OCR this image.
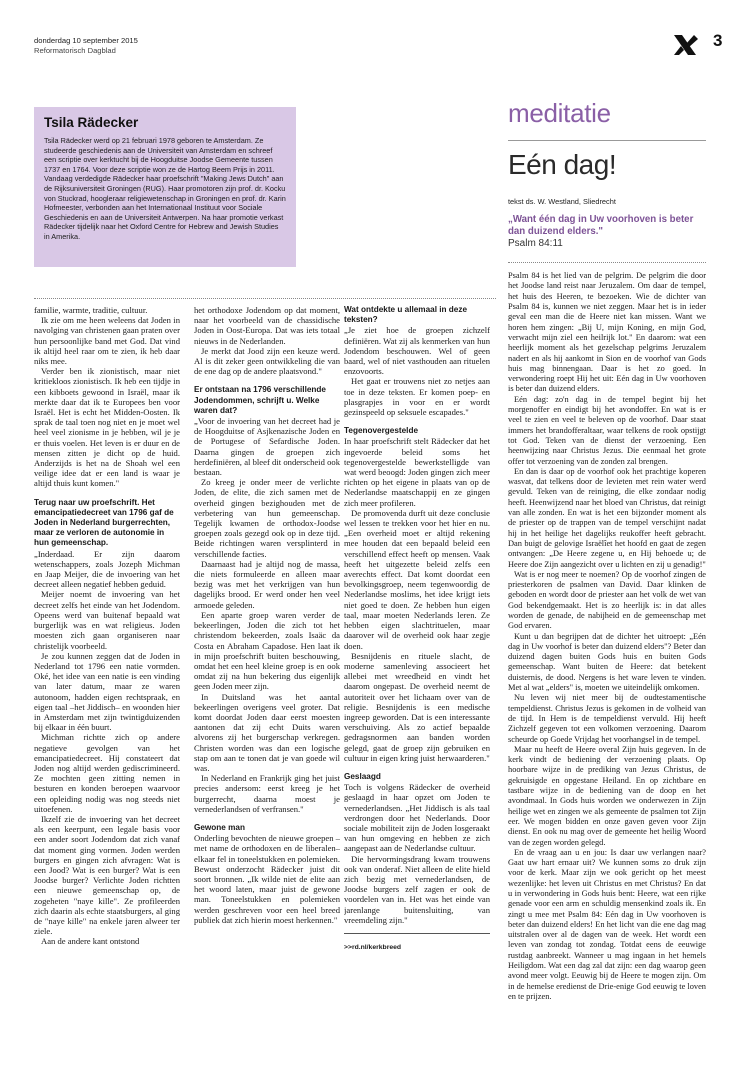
donderdag 10 september 2015
Reformatorisch Dagblad
3
Tsila Rädecker

Tsila Rädecker werd op 21 februari 1978 geboren te Amsterdam. Ze studeerde geschiedenis aan de Universiteit van Amsterdam en schreef een scriptie over kerktucht bij de Hoogduitse Joodse Gemeente tussen 1737 en 1764. Voor deze scriptie won ze de Hartog Beem Prijs in 2011. Vandaag verdedigde Rädecker haar proefschrift "Making Jews Dutch" aan de Rijksuniversiteit Groningen (RUG). Haar promotoren zijn prof. dr. Kocku von Stuckrad, hoogleraar religiewetenschap in Groningen en prof. dr. Karin Hofmeester, verbonden aan het Internationaal Instituut voor Sociale Geschiedenis en aan de Universiteit Antwerpen. Na haar promotie verkast Rädecker tijdelijk naar het Oxford Centre for Hebrew and Jewish Studies in Amerika.

familie, warmte, traditie, cultuur.

Ik zie om me heen weleens dat Joden in navolging van christenen gaan praten over hun persoonlijke band met God. Dat vind ik altijd heel raar om te zien, ik heb daar niks mee.

Verder ben ik zionistisch, maar niet kritiekloos zionistisch. Ik heb een tijdje in een kibboets gewoond in Israël, maar ik merkte daar dat ik te Europees ben voor Israël. Het is echt het Midden-Oosten. Ik sprak de taal toen nog niet en je moet wel heel veel zionisme in je hebben, wil je je er thuis voelen. Het leven is er duur en de mensen zitten je dicht op de huid. Anderzijds is het na de Shoah wel een veilige idee dat er een land is waar je altijd thuis kunt komen."

Terug naar uw proefschrift. Het emancipatiedecreet van 1796 gaf de Joden in Nederland burgerrechten, maar ze verloren de autonomie in hun gemeenschap.

„Inderdaad. Er zijn daarom wetenschappers, zoals Jozeph Michman en Jaap Meijer, die de invoering van het decreet alleen negatief hebben geduid.

Meijer noemt de invoering van het decreet zelfs het einde van het Jodendom. Opeens werd van buitenaf bepaald wat burgerlijk was en wat religieus. Joden moesten zich gaan organiseren naar christelijk voorbeeld.

Je zou kunnen zeggen dat de Joden in Nederland tot 1796 een natie vormden. Oké, het idee van een natie is een vinding van later datum, maar ze waren autonoom, hadden eigen rechtspraak, en eigen taal –het Jiddisch– en woonden hier in Amsterdam met zijn twintigduizenden bij elkaar in één buurt.

Michman richtte zich op andere negatieve gevolgen van het emancipatiedecreet. Hij constateert dat Joden nog altijd werden gediscrimineerd. Ze mochten geen zitting nemen in besturen en konden beroepen waarvoor een opleiding nodig was nog steeds niet uitoefenen.

Ikzelf zie de invoering van het decreet als een keerpunt, een legale basis voor een ander soort Jodendom dat zich vanaf dat moment ging vormen. Joden werden burgers en gingen zich afvragen: Wat is een Jood? Wat is een burger? Wat is een Joodse burger? Verlichte Joden richtten een nieuwe gemeenschap op, de zogeheten "naye kille". Ze profileerden zich daarin als echte staatsburgers, al ging de "naye kille" na enkele jaren alweer ter ziele.

Aan de andere kant ontstond

het orthodoxe Jodendom op dat moment, naar het voorbeeld van de chassidische Joden in Oost-Europa. Dat was iets totaal nieuws in de Nederlanden.

Je merkt dat Jood zijn een keuze werd. Al is dit zeker geen ontwikkeling die van de ene dag op de andere plaatsvond."

Er ontstaan na 1796 verschillende Jodendommen, schrijft u. Welke waren dat?

„Voor de invoering van het decreet had je de Hoogduitse of Asjkenazische Joden en de Portugese of Sefardische Joden. Daarna gingen de groepen zich herdefiniëren, al bleef dit onderscheid ook bestaan.

Zo kreeg je onder meer de verlichte Joden, de elite, die zich samen met de overheid gingen bezighouden met de verbetering van hun gemeenschap. Tegelijk kwamen de orthodox-Joodse groepen zoals gezegd ook op in deze tijd. Beide richtingen waren versplinterd in verschillende facties.

Daarnaast had je altijd nog de massa, die niets formuleerde en alleen maar bezig was met het verkrijgen van hun dagelijks brood. Er werd onder hen veel armoede geleden.

Een aparte groep waren verder de bekeerlingen, Joden die zich tot het christendom bekeerden, zoals Isaäc da Costa en Abraham Capadose. Hen laat ik in mijn proefschrift buiten beschouwing, omdat het een heel kleine groep is en ook omdat zij na hun bekering dus eigenlijk geen Joden meer zijn.

In Duitsland was het aantal bekeerlingen overigens veel groter. Dat komt doordat Joden daar eerst moesten aantonen dat zij echt Duits waren alvorens zij het burgerschap verkregen. Christen worden was dan een logische stap om aan te tonen dat je van goede wil was.

In Nederland en Frankrijk ging het juist precies andersom: eerst kreeg je het burgerrecht, daarna moest je vernederlandsen of verfransen."

Gewone man

Onderling bevochten de nieuwe groepen –met name de orthodoxen en de liberalen– elkaar fel in toneelstukken en polemieken. Bewust onderzocht Rädecker juist dit soort bronnen. „Ik wilde niet de elite aan het woord laten, maar juist de gewone man. Toneelstukken en polemieken werden geschreven voor een heel breed publiek dat zich hierin moest herkennen."

Wat ontdekte u allemaal in deze teksten?

„Je ziet hoe de groepen zichzelf definiëren. Wat zij als kenmerken van hun Jodendom beschouwen. Wel of geen baard, wel of niet vasthouden aan rituelen enzovoorts.

Het gaat er trouwens niet zo netjes aan toe in deze teksten. Er komen poep- en plasgrapjes in voor en er wordt gezinspeeld op seksuele escapades."

Tegenovergestelde

In haar proefschrift stelt Rädecker dat het ingevoerde beleid soms het tegenovergestelde bewerkstelligde van wat werd beoogd: Joden gingen zich meer richten op het eigene in plaats van op de Nederlandse maatschappij en ze gingen zich meer profileren.

De promovenda durft uit deze conclusie wel lessen te trekken voor het hier en nu. „Een overheid moet er altijd rekening mee houden dat een bepaald beleid een verschillend effect heeft op mensen. Vaak heeft het uitgezette beleid zelfs een averechts effect. Dat komt doordat een bevolkingsgroep, neem tegenwoordig de Nederlandse moslims, het idee krijgt iets niet goed te doen. Ze hebben hun eigen taal, maar moeten Nederlands leren. Ze hebben eigen slachtrituelen, maar daarover wil de overheid ook haar zegje doen.

Besnijdenis en rituele slacht, de moderne samenleving associeert het allebei met wreedheid en vindt het daarom ongepast. De overheid neemt de autoriteit over het lichaam over van de religie. Besnijdenis is een medische ingreep geworden. Dat is een interessante verschuiving. Als zo actief bepaalde gedragsnormen aan banden worden gelegd, gaat de groep zijn gebruiken en cultuur in eigen kring juist herwaarderen."

Geslaagd

Toch is volgens Rädecker de overheid geslaagd in haar opzet om Joden te vernederlandsen. „Het Jiddisch is als taal verdrongen door het Nederlands. Door sociale mobiliteit zijn de Joden losgeraakt van hun omgeving en hebben ze zich aangepast aan de Nederlandse cultuur.

Die hervormingsdrang kwam trouwens ook van onderaf. Niet alleen de elite hield zich bezig met vernederlandsen, de Joodse burgers zelf zagen er ook de voordelen van in. Het was het einde van jarenlange buitensluiting, van vreemdeling zijn."

>>rd.nl/kerkbreed
meditatie
Eén dag!
tekst ds. W. Westland, Sliedrecht
„Want één dag in Uw voorhoven is beter dan duizend elders."
Psalm 84:11

Psalm 84 is het lied van de pelgrim. De pelgrim die door het Joodse land reist naar Jeruzalem. Om daar de tempel, het huis des Heeren, te bezoeken. Wie de dichter van Psalm 84 is, kunnen we niet zeggen. Maar het is in ieder geval een man die de Heere niet kan missen. Want we horen hem zingen: „Bij U, mijn Koning, en mijn God, verwacht mijn ziel een heilrijk lot." En daarom: wat een heerlijk moment als het gezelschap pelgrims Jeruzalem nadert en als hij aankomt in Sion en de voorhof van Gods huis mag binnengaan. Daar is het zo goed. In verwondering roept Hij het uit: Eén dag in Uw voorhoven is beter dan duizend elders.

Eén dag: zo'n dag in de tempel begint bij het morgenoffer en eindigt bij het avondoffer. En wat is er veel te zien en veel te beleven op de voorhof. Daar staat immers het brandofferaltaar, waar telkens de rook opstijgt tot God. Teken van de dienst der verzoening. Een heenwijzing naar Christus Jezus. Die eenmaal het grote offer tot verzoening van de zonden zal brengen.

En dan is daar op de voorhof ook het prachtige koperen wasvat, dat telkens door de levieten met rein water werd gevuld. Teken van de reiniging, die elke zondaar nodig heeft. Heenwijzend naar het bloed van Christus, dat reinigt van alle zonden. En wat is het een bijzonder moment als de priester op de trappen van de tempel verschijnt nadat hij in het heilige het dagelijks reukoffer heeft gebracht. Dan buigt de gelovige Israëlîet het hoofd en gaat de zegen ontvangen: „De Heere zegene u, en Hij behoede u; de Heere doe Zijn aangezicht over u lichten en zij u genadig!"

Wat is er nog meer te noemen? Op de voorhof zingen de priesterkoren de psalmen van David. Daar klinken de geboden en wordt door de priester aan het volk de wet van God bekendgemaakt. Het is zo heerlijk is: in dat alles worden de genade, de nabijheid en de gemeenschap met God ervaren.

Kunt u dan begrijpen dat de dichter het uitroept: „Eén dag in Uw voorhof is beter dan duizend elders"? Beter dan duizend dagen buiten Gods huis en buiten Gods gemeenschap. Want buiten de Heere: dat betekent duisternis, de dood. Nergens is het ware leven te vinden. Met al wat „elders" is, moeten we uiteindelijk omkomen.

Nu leven wij niet meer bij de oudtestamentische tempeldienst. Christus Jezus is gekomen in de volheid van de tijd. In Hem is de tempeldienst vervuld. Hij heeft Zichzelf gegeven tot een volkomen verzoening. Daarom scheurde op Goede Vrijdag het voorhangsel in de tempel.

Maar nu heeft de Heere overal Zijn huis gegeven. In de kerk vindt de bediening der verzoening plaats. Op hoorbare wijze in de prediking van Jezus Christus, de gekruisigde en opgestane Heiland. En op zichtbare en tastbare wijze in de bediening van de doop en het avondmaal. In Gods huis worden we onderwezen in Zijn heilige wet en zingen we als gemeente de psalmen tot Zijn eer. We mogen bidden en onze gaven geven voor Zijn dienst. En ook nu mag over de gemeente het heilig Woord van de zegen worden gelegd.

En de vraag aan u en jou: Is daar uw verlangen naar? Gaat uw hart ernaar uit? We kunnen soms zo druk zijn voor de kerk. Maar zijn we ook gericht op het meest wezenlijke: het leven uit Christus en met Christus? En dat u in verwondering in Gods huis bent: Heere, wat een rijke genade voor een arm en schuldig mensenkind zoals ik. En zingt u mee met Psalm 84: Eén dag in Uw voorhoven is beter dan duizend elders! En het licht van die ene dag mag uitstralen over al de dagen van de week. Het wordt een leven van zondag tot zondag. Totdat eens de eeuwige rustdag aanbreekt. Wanneer u mag ingaan in het hemels Heiligdom. Wat een dag zal dat zijn: een dag waarop geen avond meer volgt. Eeuwig bij de Heere te mogen zijn. Om in de hemelse eredienst de Drie-enige God eeuwig te loven en te prijzen.
